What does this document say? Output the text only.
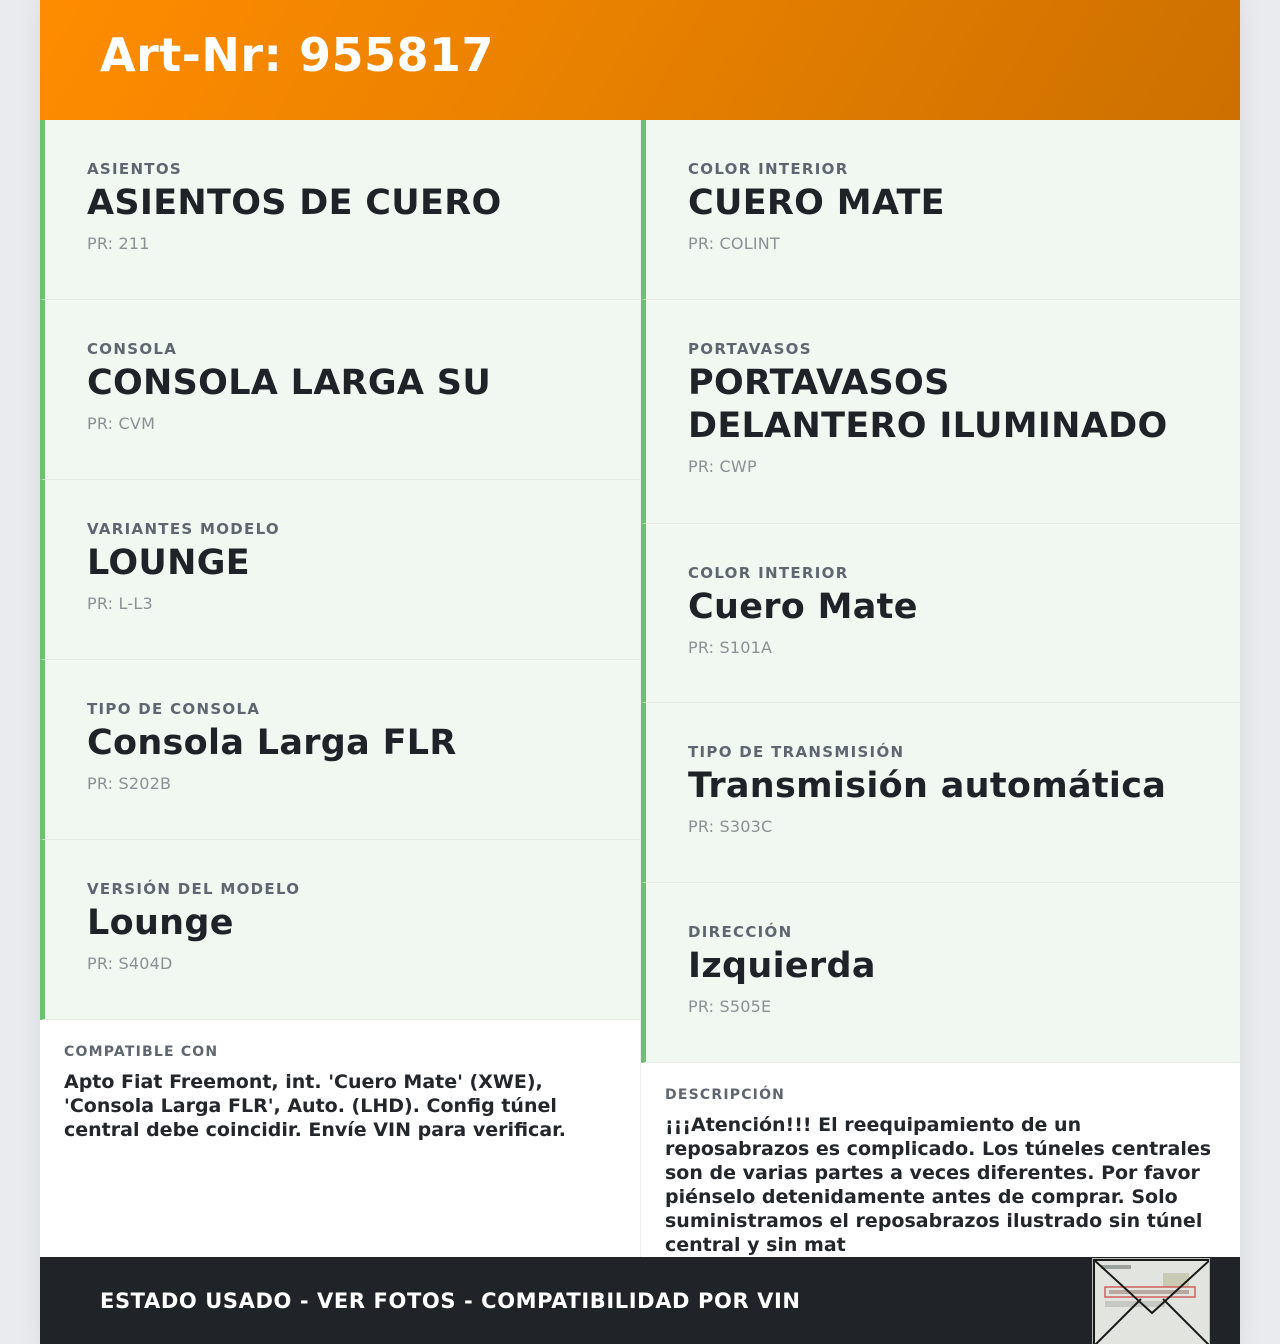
Art-Nr: 955817
ASIENTOS
ASIENTOS DE CUERO
PR: 211
CONSOLA
CONSOLA LARGA SU
PR: CVM
VARIANTES MODELO
LOUNGE
PR: L-L3
TIPO DE CONSOLA
Consola Larga FLR
PR: S202B
VERSIÓN DEL MODELO
Lounge
PR: S404D
COMPATIBLE CON
Apto Fiat Freemont, int. 'Cuero Mate' (XWE), 'Consola Larga FLR', Auto. (LHD). Config túnel central debe coincidir. Envíe VIN para verificar.
COLOR INTERIOR
CUERO MATE
PR: COLINT
PORTAVASOS
PORTAVASOS DELANTERO ILUMINADO
PR: CWP
COLOR INTERIOR
Cuero Mate
PR: S101A
TIPO DE TRANSMISIÓN
Transmisión automática
PR: S303C
DIRECCIÓN
Izquierda
PR: S505E
DESCRIPCIÓN
¡¡¡Atención!!! El reequipamiento de un reposabrazos es complicado. Los túneles centrales son de varias partes a veces diferentes. Por favor piénselo detenidamente antes de comprar. Solo suministramos el reposabrazos ilustrado sin túnel central y sin mat
ESTADO USADO - VER FOTOS - COMPATIBILIDAD POR VIN
